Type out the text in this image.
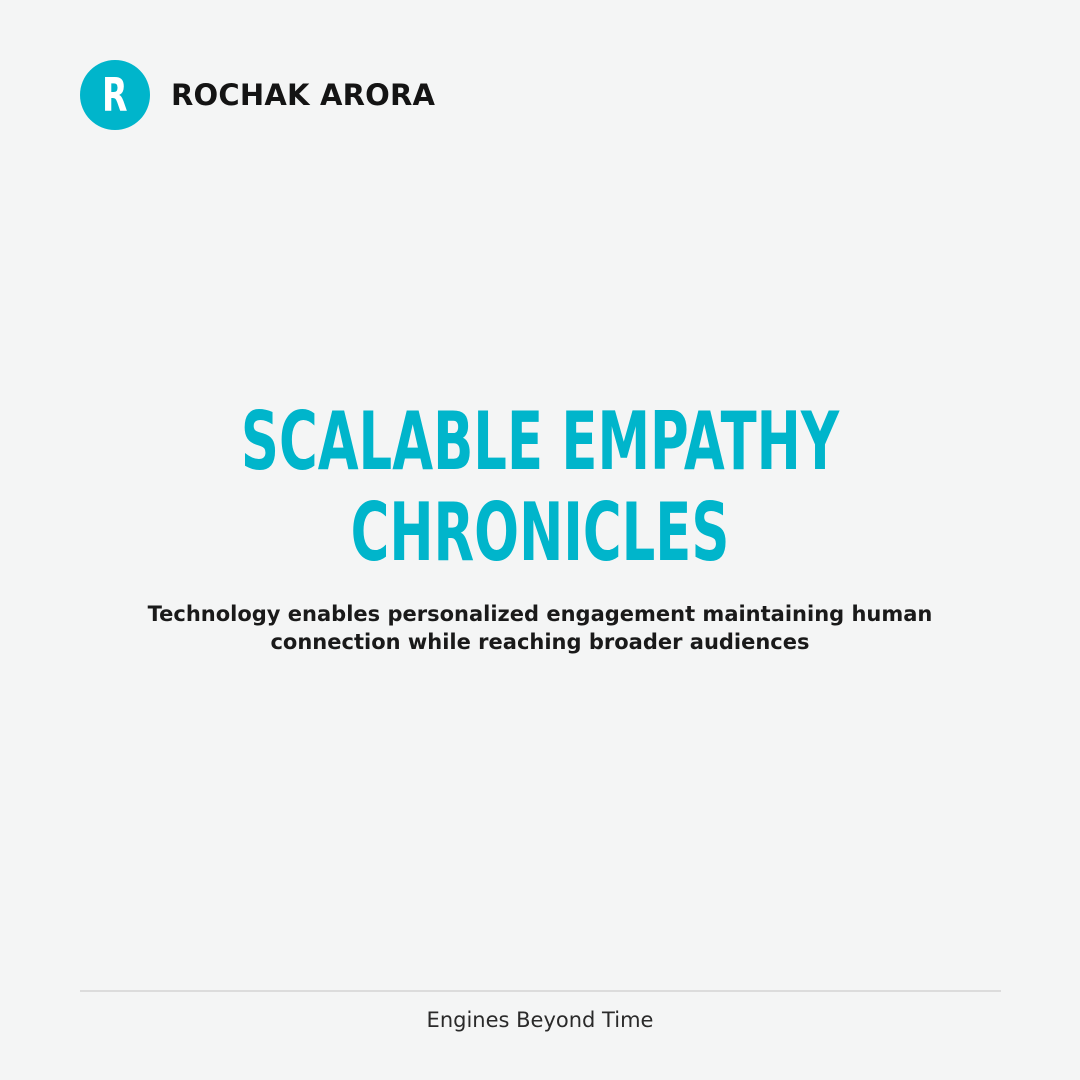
R ROCHAK ARORA
SCALABLE EMPATHY
CHRONICLES
Technology enables personalized engagement maintaining human
connection while reaching broader audiences
Engines Beyond Time
